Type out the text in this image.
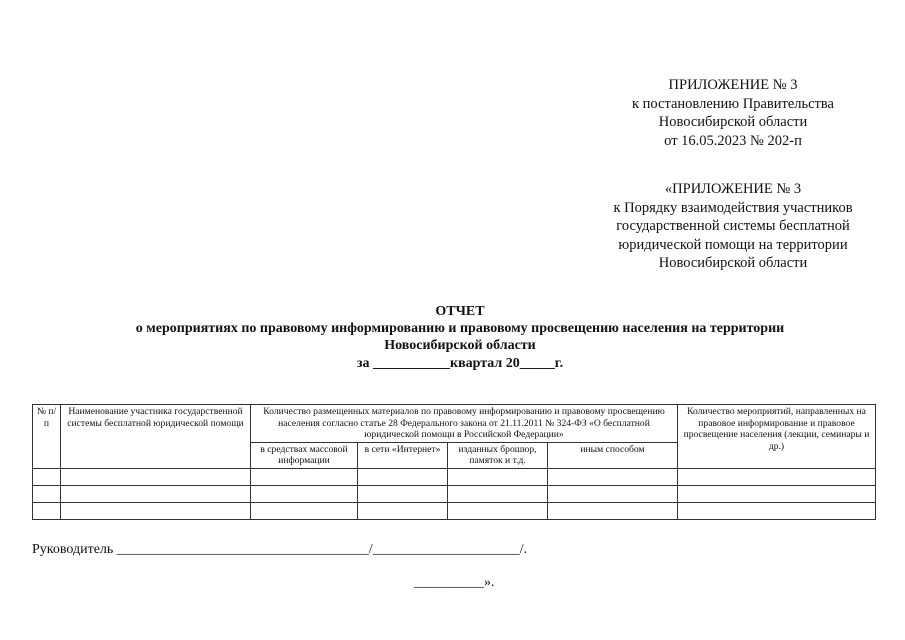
ПРИЛОЖЕНИЕ № 3
к постановлению Правительства
Новосибирской области
от 16.05.2023 № 202-п
«ПРИЛОЖЕНИЕ № 3
к Порядку взаимодействия участников
государственной системы бесплатной
юридической помощи на территории
Новосибирской области
ОТЧЕТ
о мероприятиях по правовому информированию и правовому просвещению населения на территории
Новосибирской области
за ___________квартал 20_____г.
№ п/п	Наименование участника государственной системы бесплатной юридической помощи	Количество размещенных материалов по правовому информированию и правовому просвещению населения согласно статье 28 Федерального закона от 21.11.2011 № 324-ФЗ «О бесплатной юридической помощи в Российской Федерации»				Количество мероприятий, направленных на правовое информирование и правовое просвещение населения (лекции, семинары и др.)
		в средствах массовой информации	в сети «Интернет»	изданных брошюр, памяток и т.д.	иным способом	

Руководитель ____________________________________/_____________________/.
__________».
